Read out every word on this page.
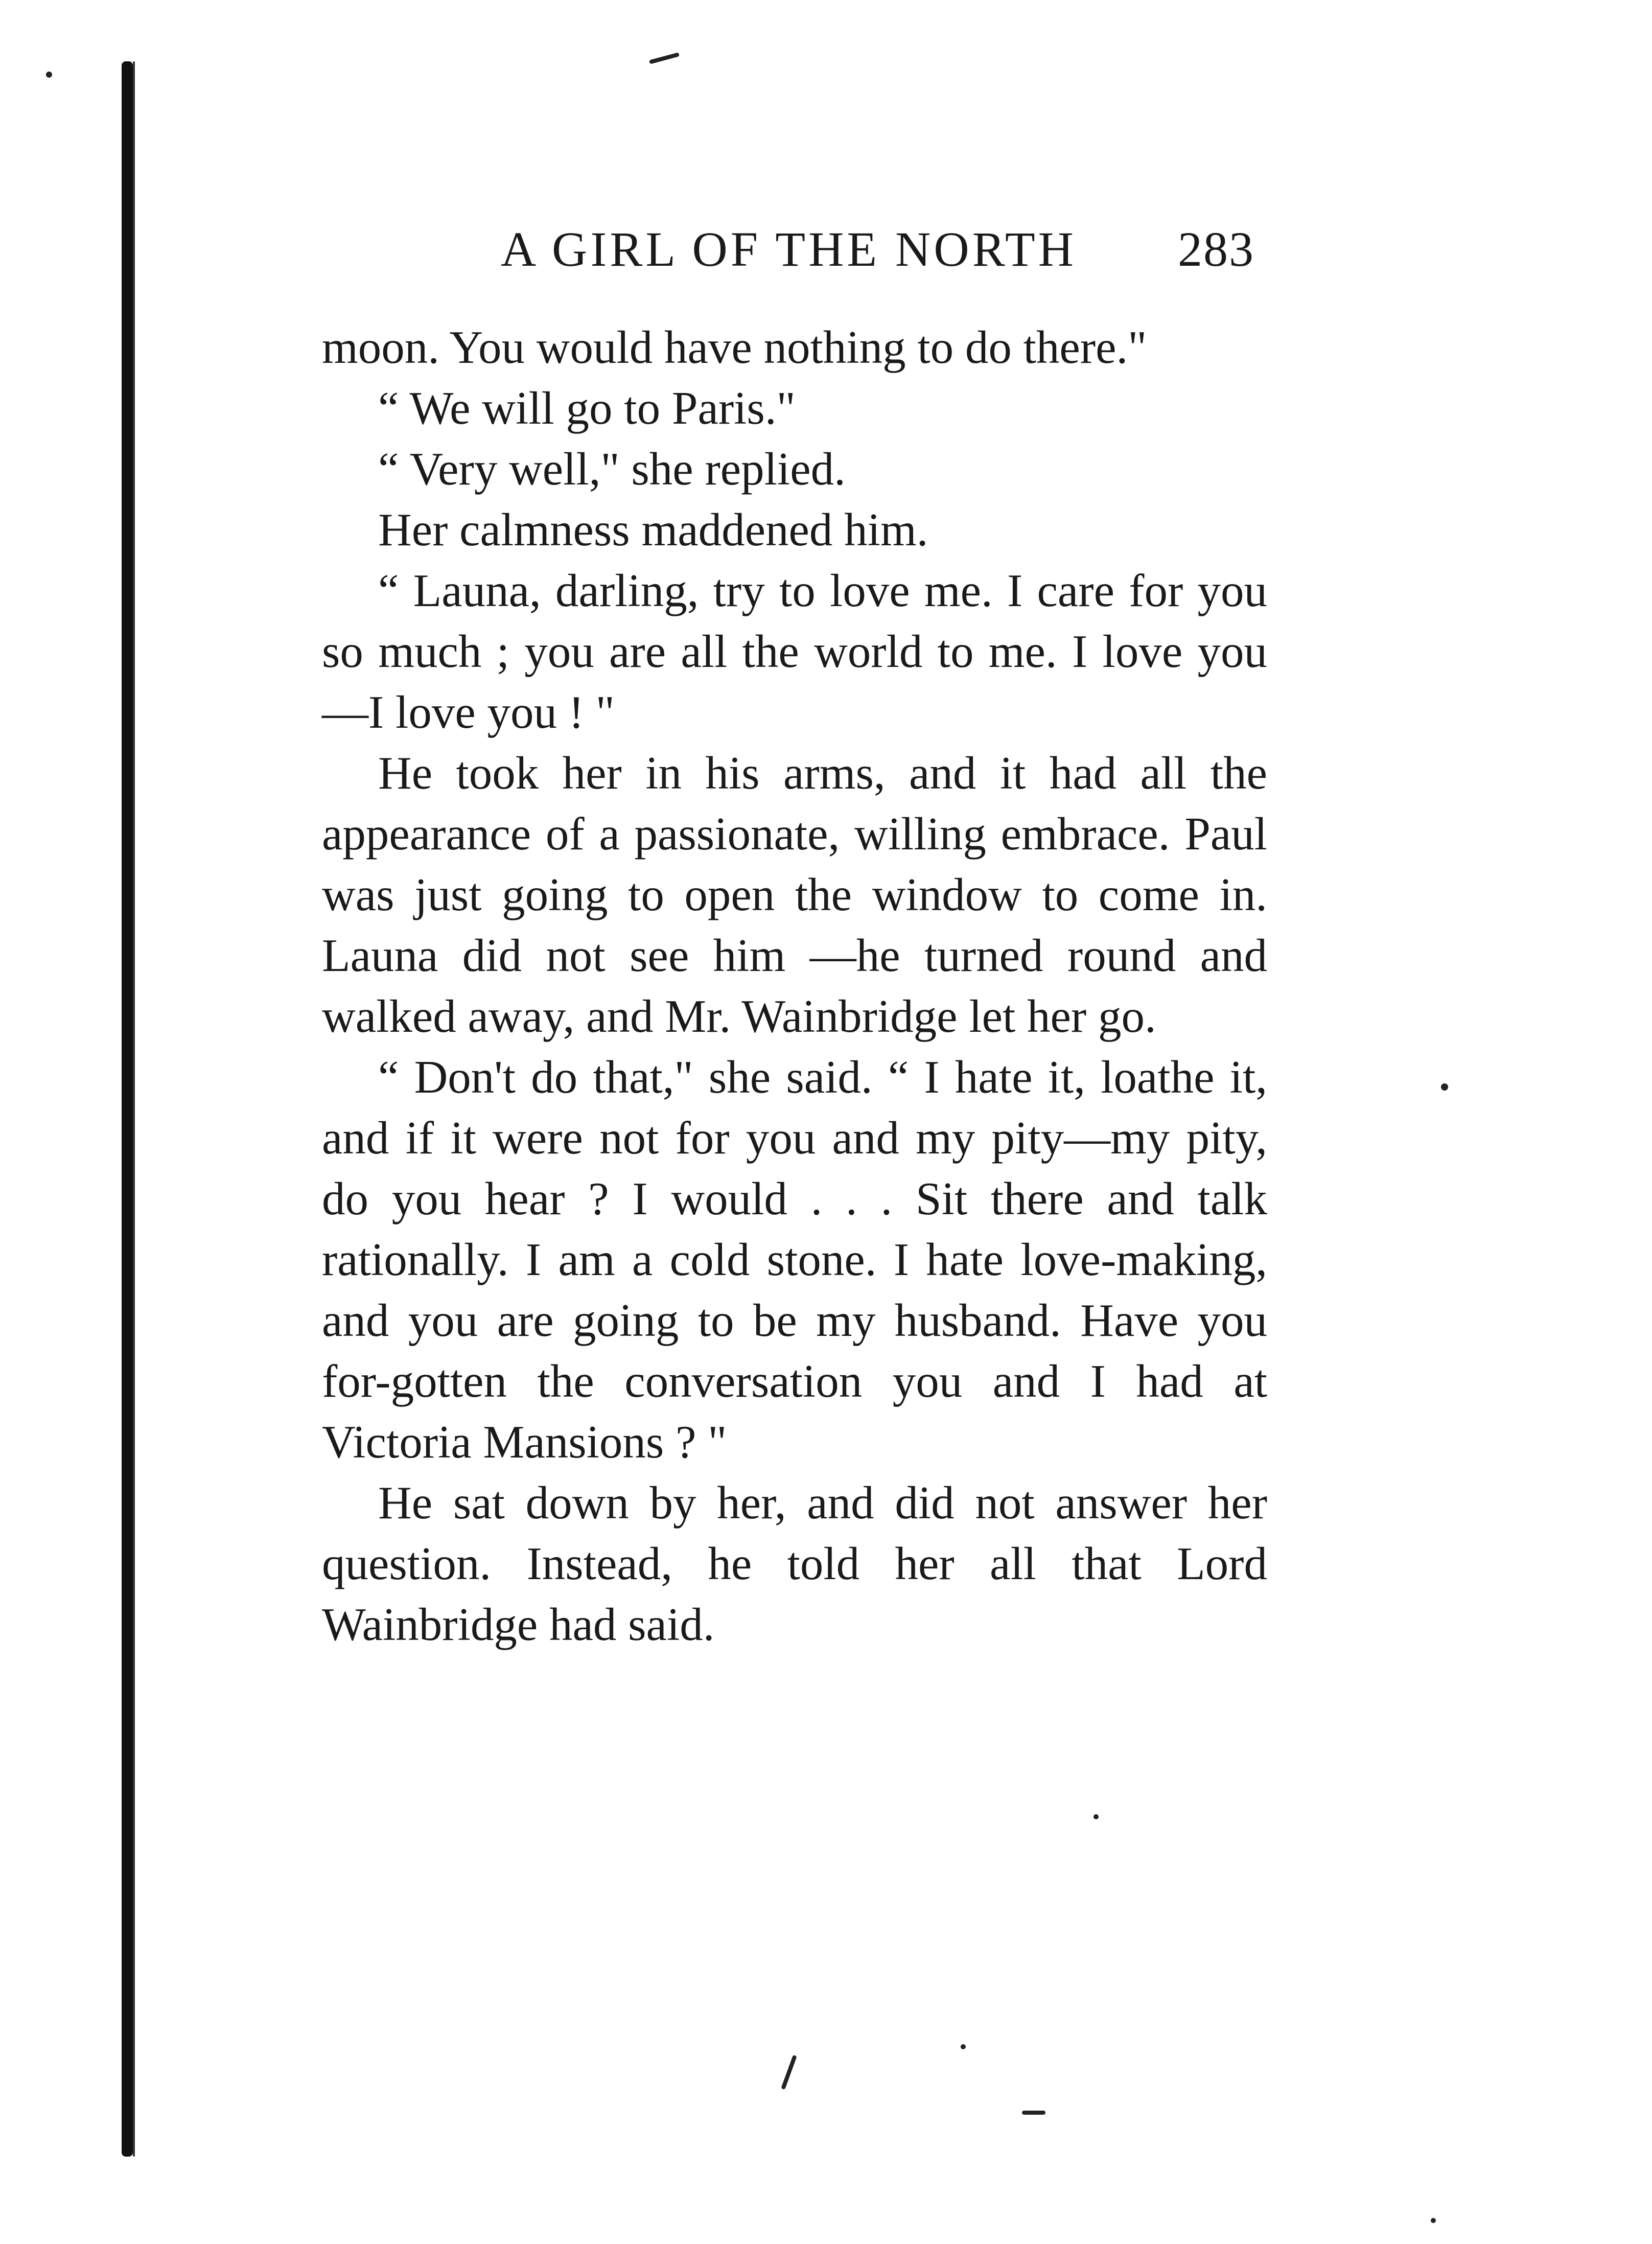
A GIRL OF THE NORTH 283

moon. You would have nothing to do there."

“ We will go to Paris."

“ Very well," she replied.

Her calmness maddened him.

“ Launa, darling, try to love me. I care for you so much ; you are all the world to me. I love you—I love you ! "

He took her in his arms, and it had all the appearance of a passionate, willing embrace. Paul was just going to open the window to come in. Launa did not see him —he turned round and walked away, and Mr. Wainbridge let her go.

“ Don't do that," she said. “ I hate it, loathe it, and if it were not for you and my pity—my pity, do you hear ? I would . . . Sit there and talk rationally. I am a cold stone. I hate love-making, and you are going to be my husband. Have you for-gotten the conversation you and I had at Victoria Mansions ? "

He sat down by her, and did not answer her question. Instead, he told her all that Lord Wainbridge had said.
